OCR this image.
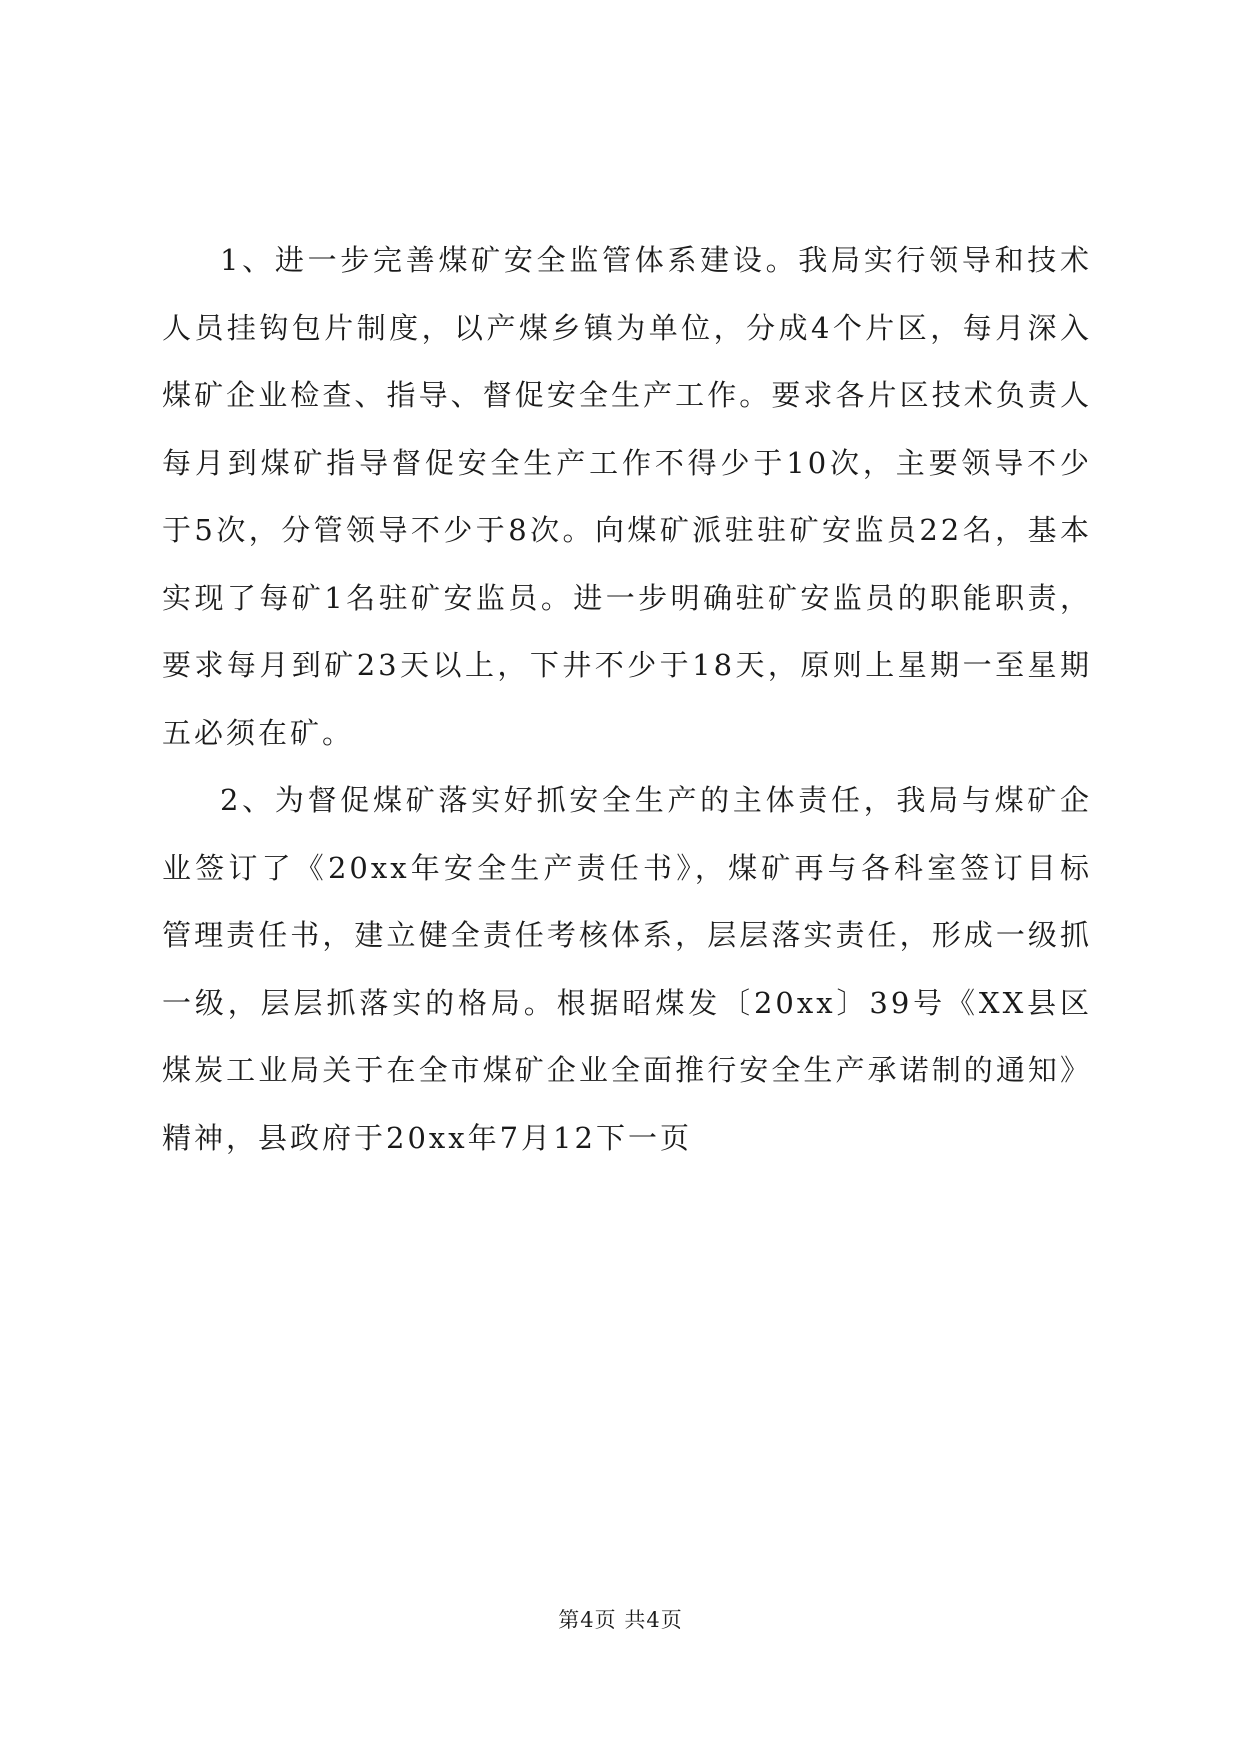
1、进一步完善煤矿安全监管体系建设。我局实行领导和技术人员挂钩包片制度，以产煤乡镇为单位，分成4个片区，每月深入煤矿企业检查、指导、督促安全生产工作。要求各片区技术负责人每月到煤矿指导督促安全生产工作不得少于10次，主要领导不少于5次，分管领导不少于8次。向煤矿派驻驻矿安监员22名，基本实现了每矿1名驻矿安监员。进一步明确驻矿安监员的职能职责，要求每月到矿23天以上，下井不少于18天，原则上星期一至星期五必须在矿。

2、为督促煤矿落实好抓安全生产的主体责任，我局与煤矿企业签订了《20xx年安全生产责任书》，煤矿再与各科室签订目标管理责任书，建立健全责任考核体系，层层落实责任，形成一级抓一级，层层抓落实的格局。根据昭煤发〔20xx〕39号《XX县区煤炭工业局关于在全市煤矿企业全面推行安全生产承诺制的通知》精神，县政府于20xx年7月12下一页

第4页 共4页
